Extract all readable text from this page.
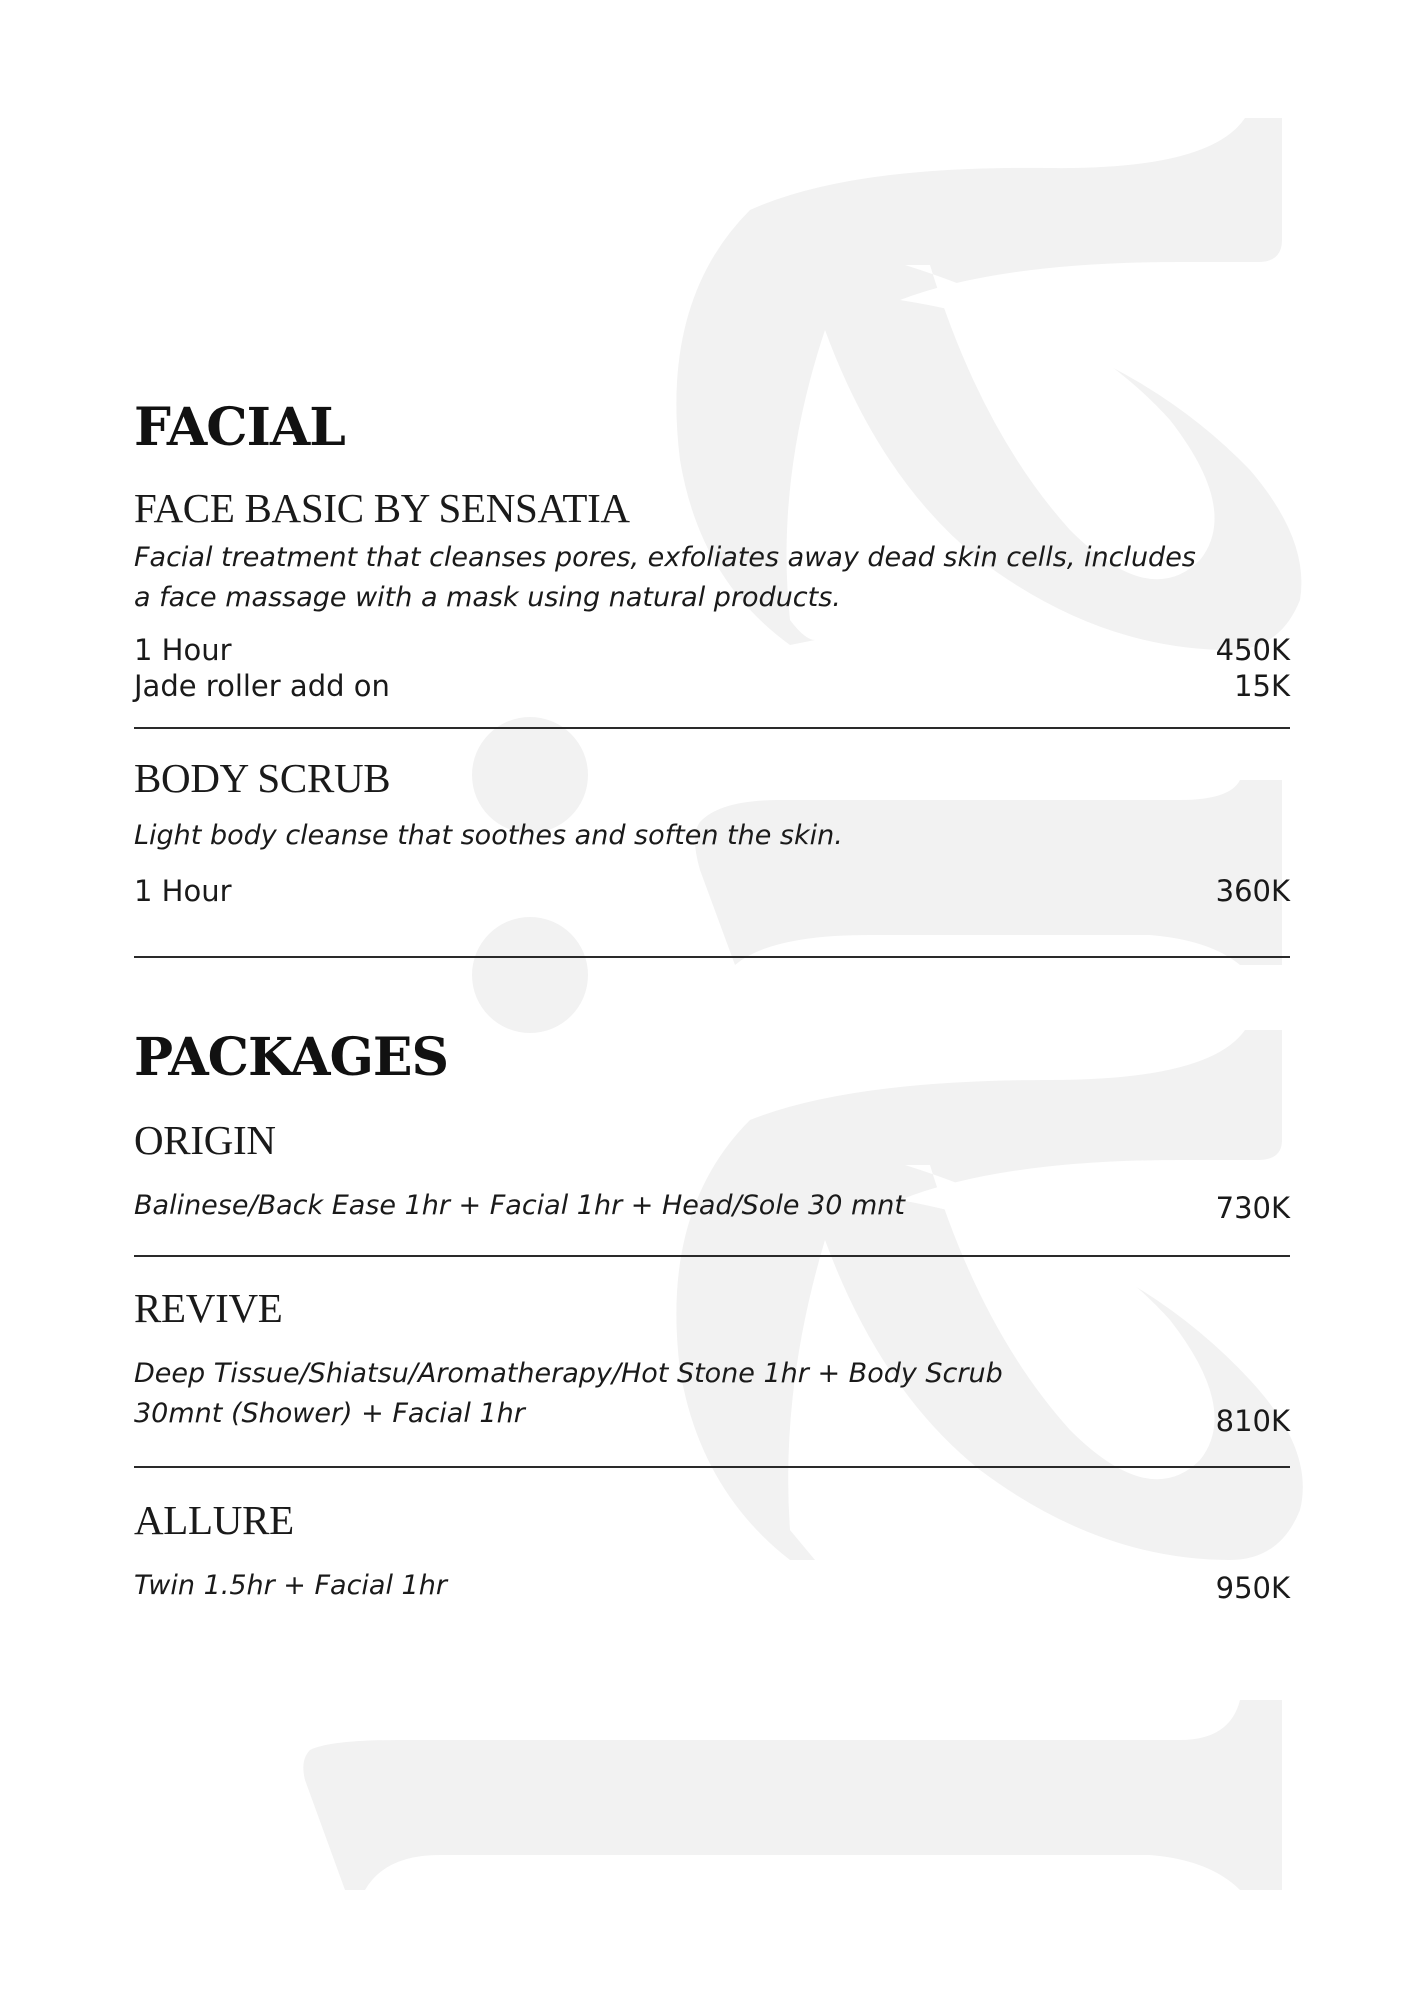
FACIAL
FACE BASIC BY SENSATIA
Facial treatment that cleanses pores, exfoliates away dead skin cells, includes
a face massage with a mask using natural products.
1 Hour	450K
Jade roller add on	15K
BODY SCRUB
Light body cleanse that soothes and soften the skin.
1 Hour	360K
PACKAGES
ORIGIN
Balinese/Back Ease 1hr + Facial 1hr + Head/Sole 30 mnt	730K
REVIVE
Deep Tissue/Shiatsu/Aromatherapy/Hot Stone 1hr + Body Scrub
30mnt (Shower) + Facial 1hr	810K
ALLURE
Twin 1.5hr + Facial 1hr	950K
